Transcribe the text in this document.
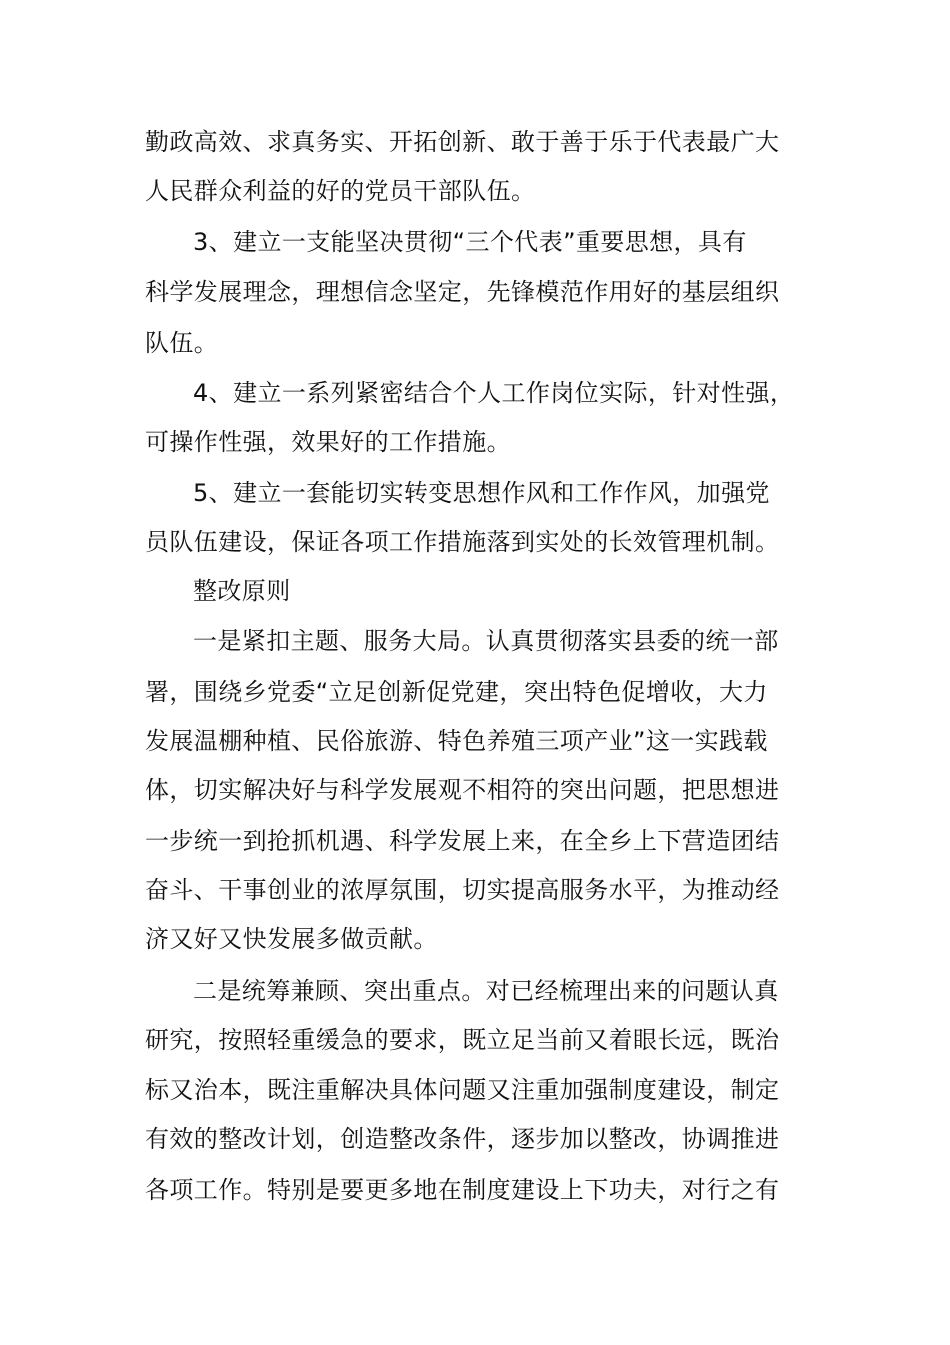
勤政高效、求真务实、开拓创新、敢于善于乐于代表最广大
人民群众利益的好的党员干部队伍。
3、建立一支能坚决贯彻“三个代表”重要思想，具有
科学发展理念，理想信念坚定，先锋模范作用好的基层组织
队伍。
4、建立一系列紧密结合个人工作岗位实际，针对性强，
可操作性强，效果好的工作措施。
5、建立一套能切实转变思想作风和工作作风，加强党
员队伍建设，保证各项工作措施落到实处的长效管理机制。
整改原则
一是紧扣主题、服务大局。认真贯彻落实县委的统一部
署，围绕乡党委“立足创新促党建，突出特色促增收，大力
发展温棚种植、民俗旅游、特色养殖三项产业”这一实践载
体，切实解决好与科学发展观不相符的突出问题，把思想进
一步统一到抢抓机遇、科学发展上来，在全乡上下营造团结
奋斗、干事创业的浓厚氛围，切实提高服务水平，为推动经
济又好又快发展多做贡献。
二是统筹兼顾、突出重点。对已经梳理出来的问题认真
研究，按照轻重缓急的要求，既立足当前又着眼长远，既治
标又治本，既注重解决具体问题又注重加强制度建设，制定
有效的整改计划，创造整改条件，逐步加以整改，协调推进
各项工作。特别是要更多地在制度建设上下功夫，对行之有
